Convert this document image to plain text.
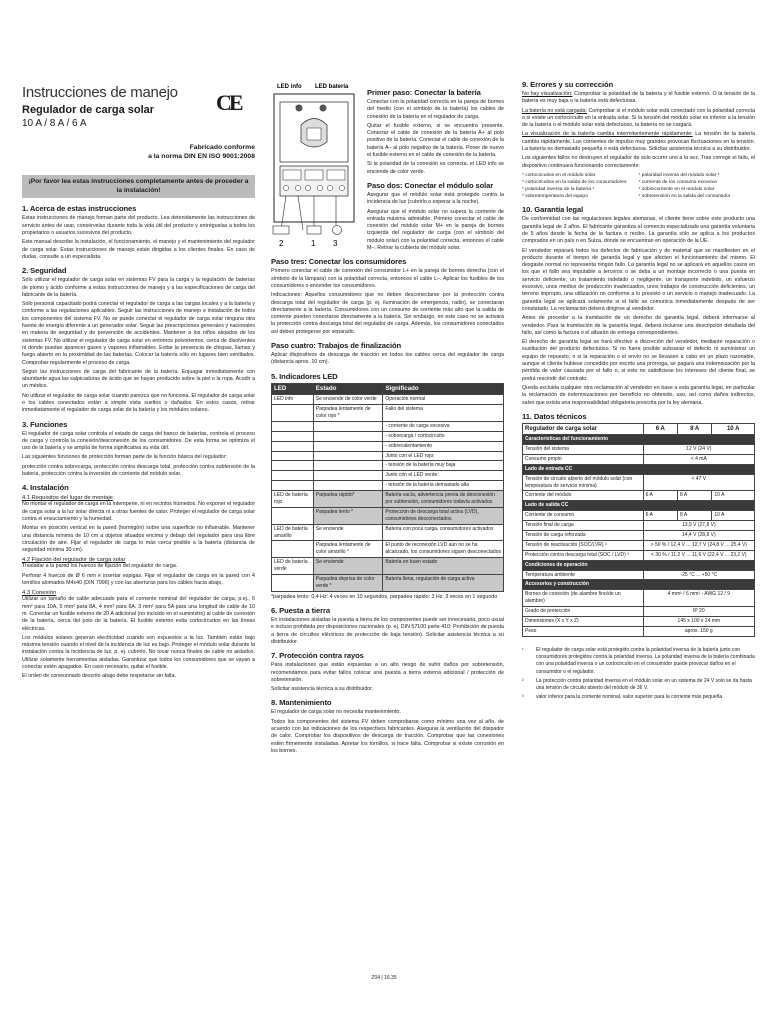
Instrucciones de manejo
Regulador de carga solar
10 A / 8 A / 6 A
Fabricado conforme
a la norma DIN EN ISO 9001:2008
¡Por favor lea estas instrucciones completamente antes de proceder a la instalación!
1. Acerca de estas instrucciones

Estas instrucciones de manejo forman parte del producto. Lea detenidamente las instrucciones de servicio antes de usar, consérvelas durante toda la vida útil del producto y entréguelas a todos los propietarios o usuarios sucesivos del producto.

Este manual describe la instalación, el funcionamiento, el manejo y el mantenimiento del regulador de carga solar. Estas instrucciones de manejo están dirigidas a los clientes finales. En caso de dudas, consulte a un especialista.

2. Seguridad

Sólo utilizar el regulador de carga solar en sistemas FV para la carga y la regulación de baterías de plomo y ácido conforme a estas instrucciones de manejo y a las especificaciones de carga del fabricante de la batería.

Sólo personal capacitado podrá conectar el regulador de carga a las cargas locales y a la batería y conforme a las regulaciones aplicables. Seguir las instrucciones de manejo e instalación de todos los componentes del sistema FV. No se puede conectar el regulador de carga solar ninguna otra fuente de energía diferente a un generador solar. Seguir las prescripciones generales y nacionales en materia de seguridad y de prevención de accidentes. Mantener a los niños alejados de los sistemas FV. No utilizar el regulador de carga solar en entornos polvorientos, cerca de disolventes ni donde puedan aparecer gases y vapores inflamables. Evitar la presencia de chispas, llamas y fuego abierto en la proximidad de las baterías. Colocar la batería sólo en lugares bien ventilados. Comprobar regularmente el proceso de carga.

Seguir las instrucciones de carga del fabricante de la batería. Enjuagar inmediatamente con abundante agua las salpicaduras de ácido que se hayan producido sobre la piel o la ropa. Acudir a un médico.

No utilizar el regulador de carga solar cuando parezca que no funciona. El regulador de carga solar o los cables conectados están a simple vista sueltos o dañados. En estos casos, retirar inmediatamente el regulador de carga solar de la batería y los módulos solares.

3. Funciones

El regulador de carga solar controla el estado de carga del banco de baterías, controla el proceso de carga y controla la conexión/desconexión de los consumidores. De esta forma se optimiza el uso de la batería y se amplía de forma significativa su vida útil.

Las siguientes funciones de protección forman parte de la función básica del regulador:

protección contra sobrecarga, protección contra descarga total, protección contra subtensión de la batería, protección contra la inversión de corriente del módulo solar.

4. Instalación
4.1 Requisitos del lugar de montaje

No montar el regulador de carga en la intemperie, ni en recintos húmedos. No exponer el regulador de carga solar a la luz solar directa ni a otras fuentes de calor. Proteger el regulador de carga solar contra el ensuciamiento y la humedad.

Montar en posición vertical en la pared (hormigón) sobre una superficie no inflamable. Mantener una distancia mínima de 10 cm a objetos situados encima y debajo del regulador para una libre circulación de aire. Fijar el regulador de carga lo más cerca posible a la batería (distancia de seguridad mínima 30 cm).

4.2 Fijación del regulador de carga solar

Trasladar a la pared los huecos de fijación del regulador de carga.

Perforar 4 huecos de Ø 6 mm e insertar espigas. Fijar el regulador de carga en la pared con 4 tornillos alomados M4x40 (DIN 7996) y con las aberturas para los cables hacia abajo.

4.3 Conexión

Utilizar un tamaño de cable adecuado para el corriente nominal del regulador de carga, p.ej., 6 mm² para 10A, 5 mm² para 8A, 4 mm² para 6A. 3 mm² para 5A para una longitud de cable de 10 m. Conectar un fusible externo de 20 A adicional (no incluido en el suministro) al cable de conexión de la batería, cerca del polo de la batería. El fusible externo evita cortocircuitos en las líneas eléctricas.

Los módulos solares generan electricidad cuando son expuestos a la luz. También están bajo máxima tensión cuando el nivel de la incidencia de luz es bajo. Proteger el módulo solar durante la instalación contra la incidencia de luz, p. ej. cubrirlo. No tocar nunca finales de cable no aislados. Utilizar solamente herramientas aisladas. Garantizar que todos los consumidores que se vayan a conectar estén apagados. En caso necesario, quitar el fusible.

El orden de conexionado descrito abajo debe respetarse sin falta.

CE
LED info LED batería
2	1 3
Primer paso: Conectar la batería

Conectar con la polaridad correcta en la pareja de bornes del medio (con el símbolo de la batería) los cables de conexión de la batería en el regulador de carga.

Quitar el fusible externo, si se encuentra presente. Conectar el cable de conexión de la batería A+ al polo positivo de la batería. Conectar el cable de conexión de la batería A– al polo negativo de la batería. Poner de nuevo el fusible externo en el cable de conexión de la batería.

Si la polaridad de la conexión es correcta, el LED info se enciende de color verde.

Paso dos: Conectar el módulo solar

Asegurar que el módulo solar está protegido contra la incidencia de luz (cubrirlo o esperar a la noche).

Asegurar que el módulo solar no supera la corriente de entrada máxima admisible. Primero conectar el cable de conexión del módulo solar M+ en la pareja de bornes izquierda del regulador de carga (con el símbolo del módulo solar) con la polaridad correcta, entonces el cable M–. Retirar la cubierta del módulo solar.

Paso tres: Conectar los consumidores

Primero conectar el cable de conexión del consumidor L+ en la pareja de bornes derecha (con el símbolo de la lámpara) con la polaridad correcta, entonces el cable L–. Aplicar los fusibles de los consumidores o encender los consumidores.

Indicaciones: Aquellos consumidores que no deben desconectarse por la protección contra descarga total del regulador de carga (p. ej. iluminación de emergencia, radio), se conectarán directamente a la batería. Consumidores con un consumo de corriente más alto que la salida de corriente pueden conectarse directamente a la batería. Sin embargo, en este caso no se activará la protección contra descarga total del regulador de carga. Además, los consumidores conectados así deben protegerse por separado.

Paso cuatro: Trabajos de finalización

Aplicar dispositivos de descarga de tracción en todos los cables cerca del regulador de carga (distancia aprox. 10 cm).

5. Indicadores LED
LED	Estado	Significado
LED info	Se enciende de color verde	Operación normal
	Parpadea lentamente de color rojo *	Fallo del sistema
		- corriente de carga excesiva
		- sobrecarga / cortocircuito
		- sobrecalentamiento
		Junto con el LED rojo:
		- tensión de la batería muy baja
		Junto con el LED verde:
		- tensión de la batería demasiado alta
LED de batería rojo	Parpadea rápido*	Batería vacía, advertencia previa de desconexión por subtensión, consumidores todavía activados
	Parpadea lento *	Protección de descarga total activa (LVD), consumidores desconectados
LED de batería amarillo	Se enciende	Batería con poca carga, consumidores activados
	Parpadea lentamente de color amarillo *	El punto de reconexión LVD aún no se ha alcanzado, los consumidores siguen desconectados
LED de batería verde	Se enciende	Batería en buen estado
	Parpadea deprisa de color verde *	Batería llena, regulación de carga activa

*parpadea lento: 0,4 Hz: 4 veces en 10 segundos, parpadea rápido: 3 Hz: 3 veces en 1 segundo

6. Puesta a tierra

En instalaciones aisladas la puesta a tierra de los componentes puede ser innecesaria, poco usual e incluso prohibida por disposiciones nacionales (p. ej. DIN 57100 parte 410: Prohibición de puesta a tierra de circuitos eléctricos de protección de baja tensión). Solicitar asistencia técnica a su distribuidor.

7. Protección contra rayos

Para instalaciones que están expuestas a un alto riesgo de sufrir daños por sobretensión, recomendamos para evitar fallos colocar una puesta a tierra externa adicional / protección de sobretensión.

Solicitar asistencia técnica a su distribuidor.

8. Mantenimiento

El regulador de carga solar no necesita mantenimiento.

Todos los componentes del sistema FV deben comprobarse como mínimo una vez al año, de acuerdo con las indicaciones de los respectivos fabricantes. Asegurar la ventilación del disipador de calor. Comprobar los dispositivos de descarga de tracción. Comprobar que las conexiones estén firmemente instaladas. Apretar los tornillos, si hace falta. Comprobar si existe corrosión en los bornes.

9. Errores y su corrección

No hay visualización: Comprobar la polaridad de la batería y el fusible externo. O la tensión de la batería es muy baja o la batería está defectuosa.

La batería no está cargada: Comprobar si el módulo solar está conectado con la polaridad correcta o si existe un cortocircuito en la entrada solar. Si la tensión del módulo solar es inferior a la tensión de la batería o el módulo solar está defectuoso, la batería no se cargará.

La visualización de la batería cambia intermitentemente rápidamente: La tensión de la batería cambia rápidamente. Las corrientes de impulso muy grandes provocan fluctuaciones en la tensión. La batería es demasiado pequeña o está defectuosa. Solicitar asistencia técnica a su distribuidor.

Los siguientes fallos no destruyen el regulador de solo ocurrir uno a la vez. Tras corregir el fallo, el dispositivo continuará funcionando correctamente:

* cortocircuitos en el módulo solar	* polaridad inversa del módulo solar ²
* cortocircuitos en la salida de los consumidores	* corriente de los consumo excesiva
* polaridad inversa de la batería ¹	* sobrecorriente en el módulo solar
* sobretemperatura del equipo	* sobretensión en la salida del consumidor
10. Garantía legal

De conformidad con las regulaciones legales alemanas, el cliente tiene sobre este producto una garantía legal de 2 años. El fabricante garantiza al comercio especializado una garantía voluntaria de 5 años desde la fecha de la factura o recibo. La garantía sólo se aplica a los productos comprados en un país o en Suiza, donde se encuentran en operación de la UE.

El vendedor reparará todos los defectos de fabricación y de material que se manifiesten en el producto durante el tiempo de garantía legal y que afecten el funcionamiento del mismo. El desgaste normal no representa ningún fallo. La garantía legal no se aplicará en aquellos casos en los que el fallo sea imputable a terceros o se deba a un montaje incorrecto o una puesta en servicio deficiente, un tratamiento indebido o negligente, un transporte indebido, un esfuerzo excesivo, unos medios de producción inadecuados, unos trabajos de construcción deficientes, un terreno impropio, una utilización no conforme a lo previsto o un servicio o manejo inadecuado. La garantía legal se aplicará solamente si el fallo se comunica inmediatamente después de ser constatado. La reclamación deberá dirigirse al vendedor.

Antes de proceder a la tramitación de un derecho de garantía legal, deberá informarse al vendedor. Para la tramitación de la garantía legal, deberá incluirse una descripción detallada del fallo, así como la factura o el albarán de entrega correspondientes.

El derecho de garantía legal se hará efectivo a discreción del vendedor, mediante reparación o sustitución del producto defectuoso. Si no fuera posible subsanar el defecto ni suministrar un equipo de repuesto, o si la reparación o el envío no se llevasen a cabo en un plazo razonable, aunque el cliente hubiese concedido por escrito una prórroga, se pagará una indemnización por la pérdida de valor causada por el fallo o, si esto no satisficiese los intereses del cliente final, se podrá rescindir del contrato.

Queda excluida cualquier otra reclamación al vendedor en base a esta garantía legal, en particular la reclamación de indemnizaciones por beneficio no obtenido, uso, así como daños indirectos, salvo que exista una responsabilidad obligatoria prescrita por la ley alemana.

11. Datos técnicos
Regulador de carga solar	6 A	8 A	10 A
Características del funcionamiento			
Tensión del sistema	12 V (24 V)		
Consumo propio	< 4 mA		
Lado de entrada CC			
Tensión de circuito abierto del módulo solar (con temperatura de servicio mínima)	< 47 V		
Corriente del módulo	6 A	8 A	10 A
Lado de salida CC			
Corriente de consumo	6 A	8 A	10 A
Tensión final de carga	13,9 V (27,8 V)		
Tensión de carga reforzada	14,4 V (28,8 V)		
Tensión de reactivación (SOC/LVR) ³	> 50 % / 12,4 V ... 12,7 V (24,8 V ... 25,4 V)		
Protección contra descarga total (SOC / LVD) ³	< 30 % / 11,2 V ... 11,6 V (22,4 V ... 23,2 V)		
Condiciones de operación			
Temperatura ambiente	-25 °C ... +50 °C		
Accesorios y construcción			
Bornes de conexión (de alambre fino/de un alambre)	4 mm² / 6 mm² - AWG 12 / 9		
Grado de protección	IP 20		
Dimensiones (X x Y x Z)	145 x 100 x 24 mm		
Peso	aprox. 150 g		
¹	El regulador de carga solar está protegido contra la polaridad inversa de la batería junto con consumidores protegidos contra la polaridad inversa. La polaridad inversa de la batería combinada con una polaridad inversa o un cortocircuito en el consumidor puede provocar daños en el consumidor o el regulador.
²	La protección contra polaridad inversa en el módulo solar en un sistema de 24 V solo se da hasta una tensión de circuito abierto del módulo de 36 V.
³	valor inferior para la corriente nominal, valor superior para la corriente más pequeña
Z04 | 16.35
